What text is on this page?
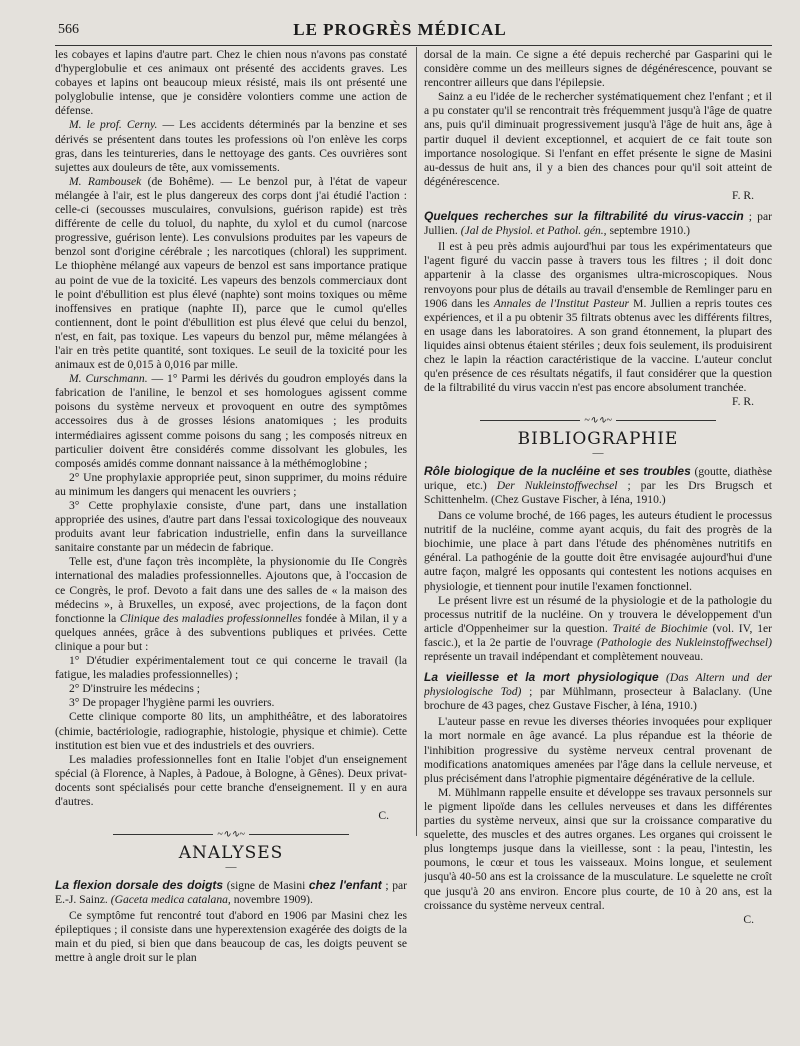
566	LE PROGRÈS MÉDICAL

les cobayes et lapins d'autre part. Chez le chien nous n'avons pas constaté d'hyperglobulie et ces animaux ont présenté des accidents graves. Les cobayes et lapins ont beaucoup mieux résisté, mais ils ont présenté une polyglobulie intense, que je considère volontiers comme une action de défense.

M. le prof. Cerny. — Les accidents déterminés par la benzine et ses dérivés se présentent dans toutes les professions où l'on enlève les corps gras, dans les teintureries, dans le nettoyage des gants. Ces ouvrières sont sujettes aux douleurs de tête, aux vomissements.

M. Rambousek (de Bohême). — Le benzol pur, à l'état de vapeur mélangée à l'air, est le plus dangereux des corps dont j'ai étudié l'action : celle-ci (secousses musculaires, convulsions, guérison rapide) est très différente de celle du toluol, du naphte, du xylol et du cumol (narcose progressive, guérison lente). Les convulsions produites par les vapeurs de benzol sont d'origine cérébrale ; les narcotiques (chloral) les suppriment. Le thiophène mélangé aux vapeurs de benzol est sans importance pratique au point de vue de la toxicité. Les vapeurs des benzols commerciaux dont le point d'ébullition est plus élevé (naphte) sont moins toxiques ou même inoffensives en pratique (naphte II), parce que le cumol qu'elles contiennent, dont le point d'ébullition est plus élevé que celui du benzol, n'est, en fait, pas toxique. Les vapeurs du benzol pur, même mélangées à l'air en très petite quantité, sont toxiques. Le seuil de la toxicité pour les animaux est de 0,015 à 0,016 par mille.

M. Curschmann. — 1° Parmi les dérivés du goudron employés dans la fabrication de l'aniline, le benzol et ses homologues agissent comme poisons du système nerveux et provoquent en outre des symptômes accessoires dus à de grosses lésions anatomiques ; les produits intermédiaires agissent comme poisons du sang ; les composés nitreux en particulier doivent être considérés comme dissolvant les globules, les composés amidés comme donnant naissance à la méthémoglobine ;

2° Une prophylaxie appropriée peut, sinon supprimer, du moins réduire au minimum les dangers qui menacent les ouvriers ;

3° Cette prophylaxie consiste, d'une part, dans une installation appropriée des usines, d'autre part dans l'essai toxicologique des nouveaux produits avant leur fabrication industrielle, enfin dans la surveillance sanitaire constante par un médecin de fabrique.

Telle est, d'une façon très incomplète, la physionomie du IIe Congrès international des maladies professionnelles. Ajoutons que, à l'occasion de ce Congrès, le prof. Devoto a fait dans une des salles de « la maison des médecins », à Bruxelles, un exposé, avec projections, de la façon dont fonctionne la Clinique des maladies professionnelles fondée à Milan, il y a quelques années, grâce à des subventions publiques et privées. Cette clinique a pour but :

1° D'étudier expérimentalement tout ce qui concerne le travail (la fatigue, les maladies professionnelles) ;

2° D'instruire les médecins ;

3° De propager l'hygiène parmi les ouvriers.

Cette clinique comporte 80 lits, un amphithéâtre, et des laboratoires (chimie, bactériologie, radiographie, histologie, physique et chimie). Cette institution est bien vue et des industriels et des ouvriers.

Les maladies professionnelles font en Italie l'objet d'un enseignement spécial (à Florence, à Naples, à Padoue, à Bologne, à Gênes). Deux privat-docents sont spécialisés pour cette branche d'enseignement. Il y en aura d'autres.

C.

~∿∿~
ANALYSES
—

La flexion dorsale des doigts (signe de Masini chez l'enfant ; par E.-J. Sainz. (Gaceta medica catalana, novembre 1909).

Ce symptôme fut rencontré tout d'abord en 1906 par Masini chez les épileptiques ; il consiste dans une hyperextension exagérée des doigts de la main et du pied, si bien que dans beaucoup de cas, les doigts peuvent se mettre à angle droit sur le plan

dorsal de la main. Ce signe a été depuis recherché par Gasparini qui le considère comme un des meilleurs signes de dégénérescence, pouvant se rencontrer ailleurs que dans l'épilepsie.

Sainz a eu l'idée de le rechercher systématiquement chez l'enfant ; et il a pu constater qu'il se rencontrait très fréquemment jusqu'à l'âge de quatre ans, puis qu'il diminuait progressivement jusqu'à l'âge de huit ans, âge à partir duquel il devient exceptionnel, et acquiert de ce fait toute son importance nosologique. Si l'enfant en effet présente le signe de Masini au-dessus de huit ans, il y a bien des chances pour qu'il soit atteint de dégénérescence.

F. R.

Quelques recherches sur la filtrabilité du virus-vaccin ; par Jullien. (Jal de Physiol. et Pathol. gén., septembre 1910.)

Il est à peu près admis aujourd'hui par tous les expérimentateurs que l'agent figuré du vaccin passe à travers tous les filtres ; il doit donc appartenir à la classe des organismes ultra-microscopiques. Nous renvoyons pour plus de détails au travail d'ensemble de Remlinger paru en 1906 dans les Annales de l'Institut Pasteur M. Jullien a repris toutes ces expériences, et il a pu obtenir 35 filtrats obtenus avec les différents filtres, en usage dans les laboratoires. A son grand étonnement, la plupart des liquides ainsi obtenus étaient stériles ; deux fois seulement, ils produisirent chez le lapin la réaction caractéristique de la vaccine. L'auteur conclut qu'en présence de ces résultats négatifs, il faut considérer que la question de la filtrabilité du virus vaccin n'est pas encore absolument tranchée.

F. R.

~∿∿~
BIBLIOGRAPHIE
—

Rôle biologique de la nucléine et ses troubles (goutte, diathèse urique, etc.) Der Nukleinstoffwechsel ; par les Drs Brugsch et Schittenhelm. (Chez Gustave Fischer, à Iéna, 1910.)

Dans ce volume broché, de 166 pages, les auteurs étudient le processus nutritif de la nucléine, comme ayant acquis, du fait des progrès de la biochimie, une place à part dans l'étude des phénomènes nutritifs en général. La pathogénie de la goutte doit être envisagée aujourd'hui d'une autre façon, malgré les opposants qui contestent les notions acquises en physiologie, et tiennent pour inutile l'examen fonctionnel.

Le présent livre est un résumé de la physiologie et de la pathologie du processus nutritif de la nucléine. On y trouvera le développement d'un article d'Oppenheimer sur la question. Traité de Biochimie (vol. IV, 1er fascic.), et la 2e partie de l'ouvrage (Pathologie des Nukleinstoffwechsel) représente un travail indépendant et complètement nouveau.

La vieillesse et la mort physiologique (Das Altern und der physiologische Tod) ; par Mühlmann, prosecteur à Balaclany. (Une brochure de 43 pages, chez Gustave Fischer, à Iéna, 1910.)

L'auteur passe en revue les diverses théories invoquées pour expliquer la mort normale en âge avancé. La plus répandue est la théorie de l'inhibition progressive du système nerveux central provenant de modifications anatomiques amenées par l'âge dans la cellule nerveuse, et plus précisément dans l'atrophie pigmentaire dégénérative de la cellule.

M. Mühlmann rappelle ensuite et développe ses travaux personnels sur le pigment lipoïde dans les cellules nerveuses et dans les différentes parties du système nerveux, ainsi que sur la croissance comparative du squelette, des muscles et des autres organes. Les organes qui croissent le plus longtemps jusque dans la vieillesse, sont : la peau, l'intestin, les poumons, le cœur et tous les vaisseaux. Moins longue, et seulement jusqu'à 40-50 ans est la croissance de la musculature. Le squelette ne croît que jusqu'à 20 ans environ. Encore plus courte, de 10 à 20 ans, est la croissance du système nerveux central.

C.
